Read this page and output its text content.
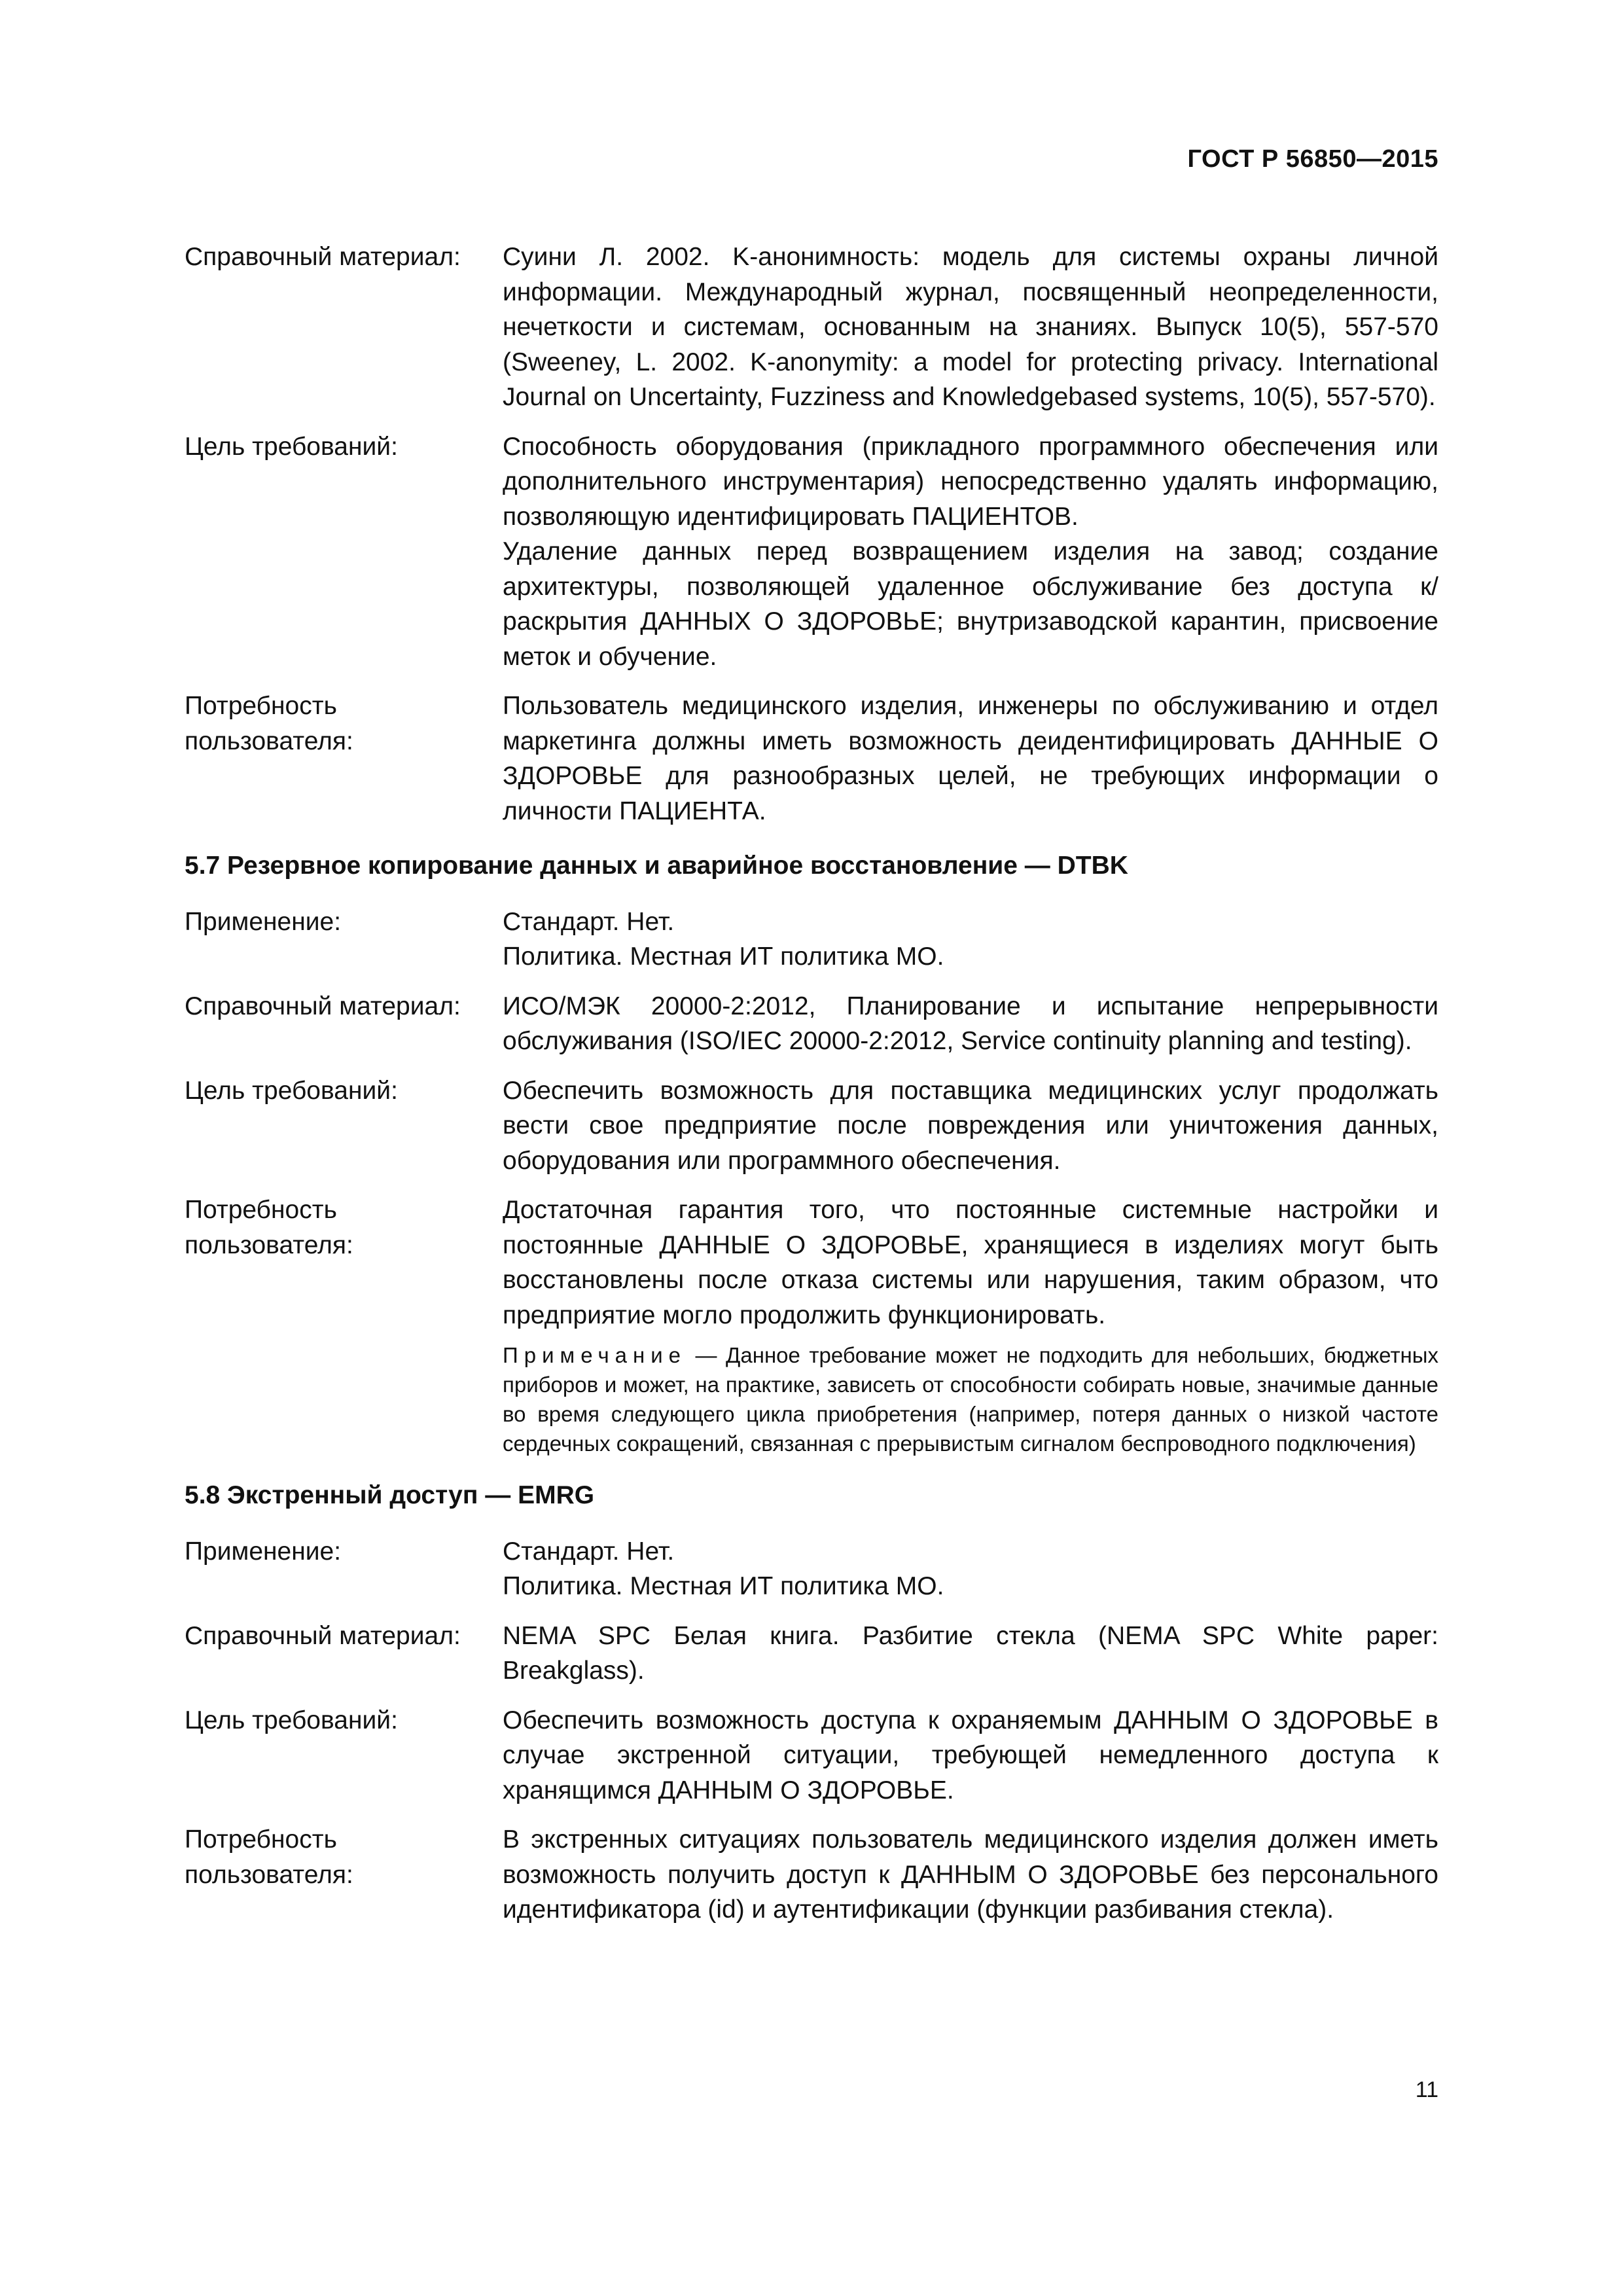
ГОСТ Р 56850—2015
Справочный материал:	Суини Л. 2002. K-анонимность: модель для системы охраны личной информации. Международный журнал, посвященный неопределенности, нечеткости и системам, основанным на знаниях. Выпуск 10(5), 557-570 (Sweeney, L. 2002. K-anonymity: a model for protecting privacy. International Journal on Uncertainty, Fuzziness and Knowledgebased systems, 10(5), 557-570).

Цель требований:	Способность оборудования (прикладного программного обеспечения или дополнительного инструментария) непосредственно удалять информацию, позволяющую идентифицировать ПАЦИЕНТОВ.

Удаление данных перед возвращением изделия на завод; создание архитектуры, позволяющей удаленное обслуживание без доступа к/раскрытия ДАННЫХ О ЗДОРОВЬЕ; внутризаводской карантин, присвоение меток и обучение.

Потребность пользователя:

Пользователь медицинского изделия, инженеры по обслуживанию и отдел маркетинга должны иметь возможность деидентифицировать ДАННЫЕ О ЗДОРОВЬЕ для разнообразных целей, не требующих информации о личности ПАЦИЕНТА.

5.7 Резервное копирование данных и аварийное восстановление — DTBK
Применение:	Стандарт. Нет.

Политика. Местная ИТ политика МО.

Справочный материал:	ИСО/МЭК 20000-2:2012, Планирование и испытание непрерывности обслуживания (ISO/IEC 20000-2:2012, Service continuity planning and testing).

Цель требований:	Обеспечить возможность для поставщика медицинских услуг продолжать вести свое предприятие после повреждения или уничтожения данных, оборудования или программного обеспечения.

Потребность пользователя:

Достаточная гарантия того, что постоянные системные настройки и постоянные ДАННЫЕ О ЗДОРОВЬЕ, хранящиеся в изделиях могут быть восстановлены после отказа системы или нарушения, таким образом, что предприятие могло продолжить функционировать.

Примечание — Данное требование может не подходить для небольших, бюджетных приборов и может, на практике, зависеть от способности собирать новые, значимые данные во время следующего цикла приобретения (например, потеря данных о низкой частоте сердечных сокращений, связанная с прерывистым сигналом беспроводного подключения)
5.8 Экстренный доступ — EMRG
Применение:	Стандарт. Нет.

Политика. Местная ИТ политика МО.

Справочный материал:	NEMA SPC Белая книга. Разбитие стекла (NEMA SPC White paper: Breakglass).

Цель требований:	Обеспечить возможность доступа к охраняемым ДАННЫМ О ЗДОРОВЬЕ в случае экстренной ситуации, требующей немедленного доступа к хранящимся ДАННЫМ О ЗДОРОВЬЕ.

Потребность пользователя:

В экстренных ситуациях пользователь медицинского изделия должен иметь возможность получить доступ к ДАННЫМ О ЗДОРОВЬЕ без персонального идентификатора (id) и аутентификации (функции разбивания стекла).

11
